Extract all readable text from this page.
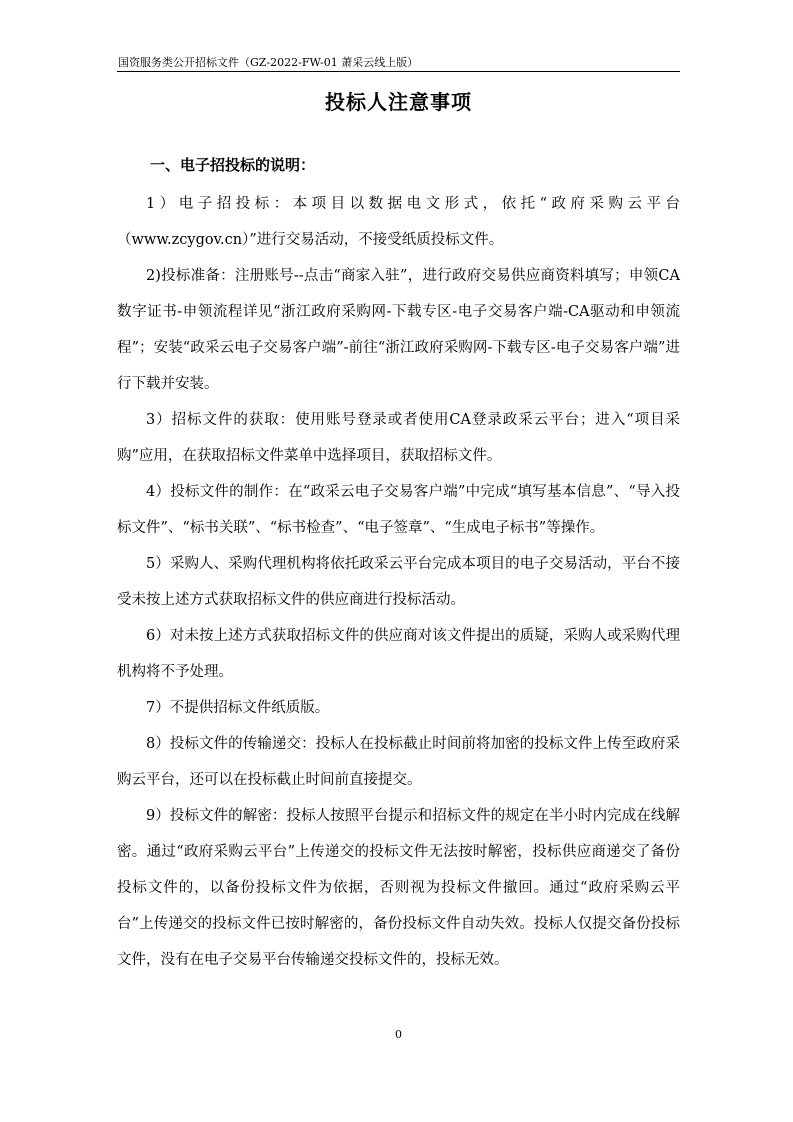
国资服务类公开招标文件（GZ-2022-FW-01 萧采云线上版）
投标人注意事项
一、电子招投标的说明：

1）电子招投标：本项目以数据电文形式，依托“政府采购云平台（www.zcygov.cn）”进行交易活动，不接受纸质投标文件。

2)投标准备：注册账号--点击“商家入驻”，进行政府交易供应商资料填写；申领CA数字证书-申领流程详见“浙江政府采购网-下载专区-电子交易客户端-CA驱动和申领流程”；安装“政采云电子交易客户端”-前往“浙江政府采购网-下载专区-电子交易客户端”进行下载并安装。

3）招标文件的获取：使用账号登录或者使用CA登录政采云平台；进入“项目采购”应用，在获取招标文件菜单中选择项目，获取招标文件。

4）投标文件的制作：在“政采云电子交易客户端”中完成“填写基本信息”、“导入投标文件”、“标书关联”、“标书检查”、“电子签章”、“生成电子标书”等操作。

5）采购人、采购代理机构将依托政采云平台完成本项目的电子交易活动，平台不接受未按上述方式获取招标文件的供应商进行投标活动。

6）对未按上述方式获取招标文件的供应商对该文件提出的质疑，采购人或采购代理机构将不予处理。

7）不提供招标文件纸质版。

8）投标文件的传输递交：投标人在投标截止时间前将加密的投标文件上传至政府采购云平台，还可以在投标截止时间前直接提交。

9）投标文件的解密：投标人按照平台提示和招标文件的规定在半小时内完成在线解密。通过“政府采购云平台”上传递交的投标文件无法按时解密，投标供应商递交了备份投标文件的，以备份投标文件为依据，否则视为投标文件撤回。通过“政府采购云平台”上传递交的投标文件已按时解密的，备份投标文件自动失效。投标人仅提交备份投标文件，没有在电子交易平台传输递交投标文件的，投标无效。

0
